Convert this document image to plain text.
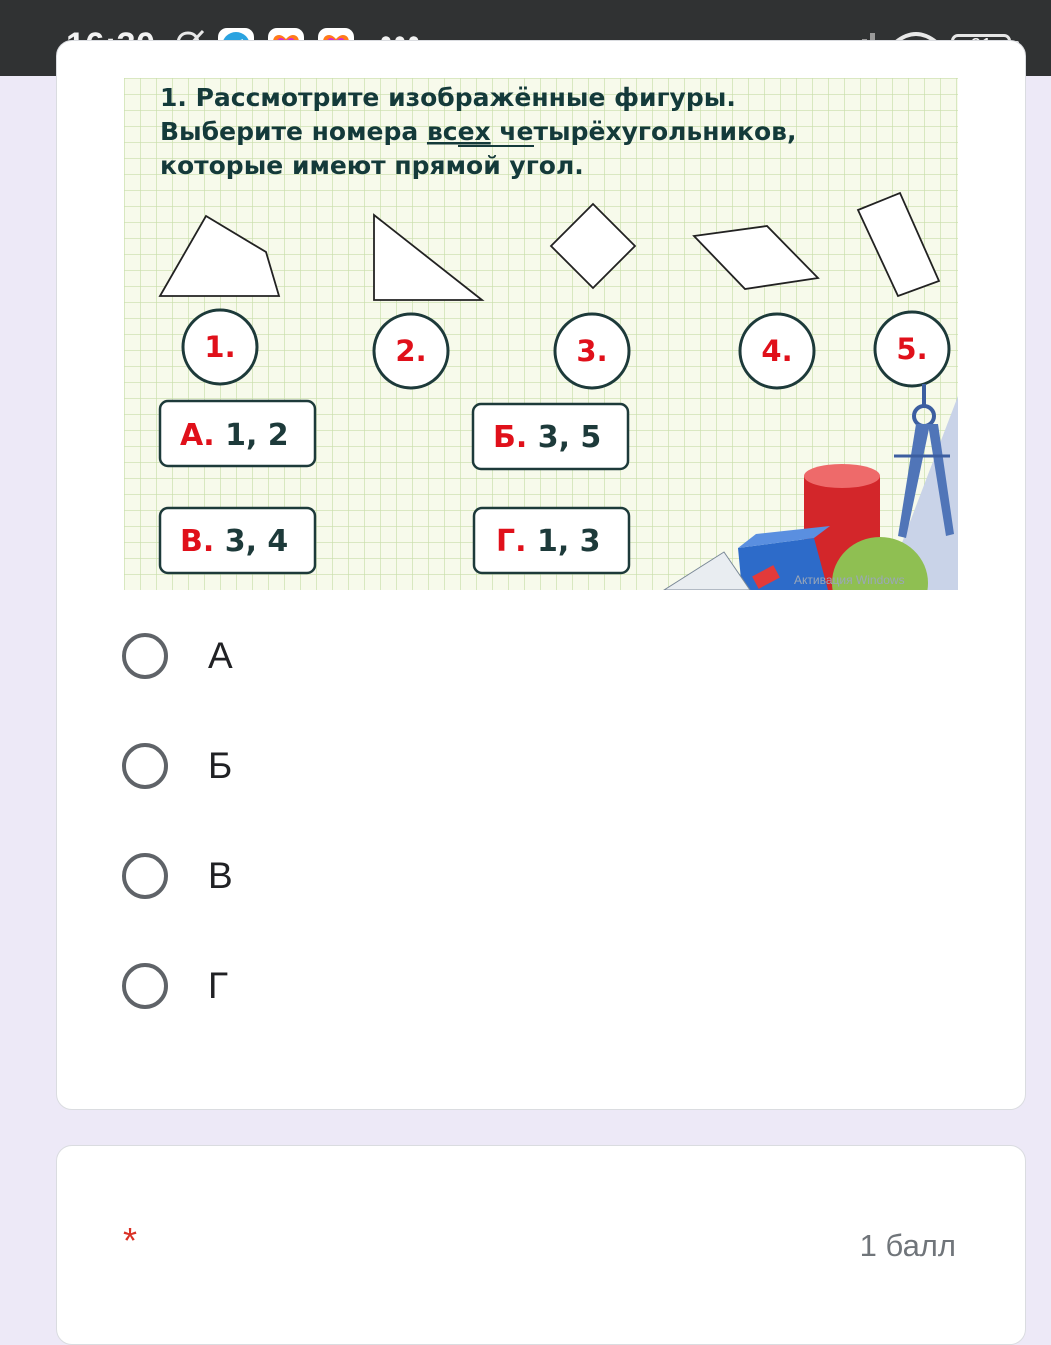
1. Рассмотрите изображённые фигуры.
Выберите номера всех четырёхугольников,
которые имеют прямой угол.
1.	2.	3.	4.	5.
Активация Windows
А. 1, 2	Б. 3, 5
В. 3, 4	Г. 1, 3
А
Б
В
Г
*	1 балл
